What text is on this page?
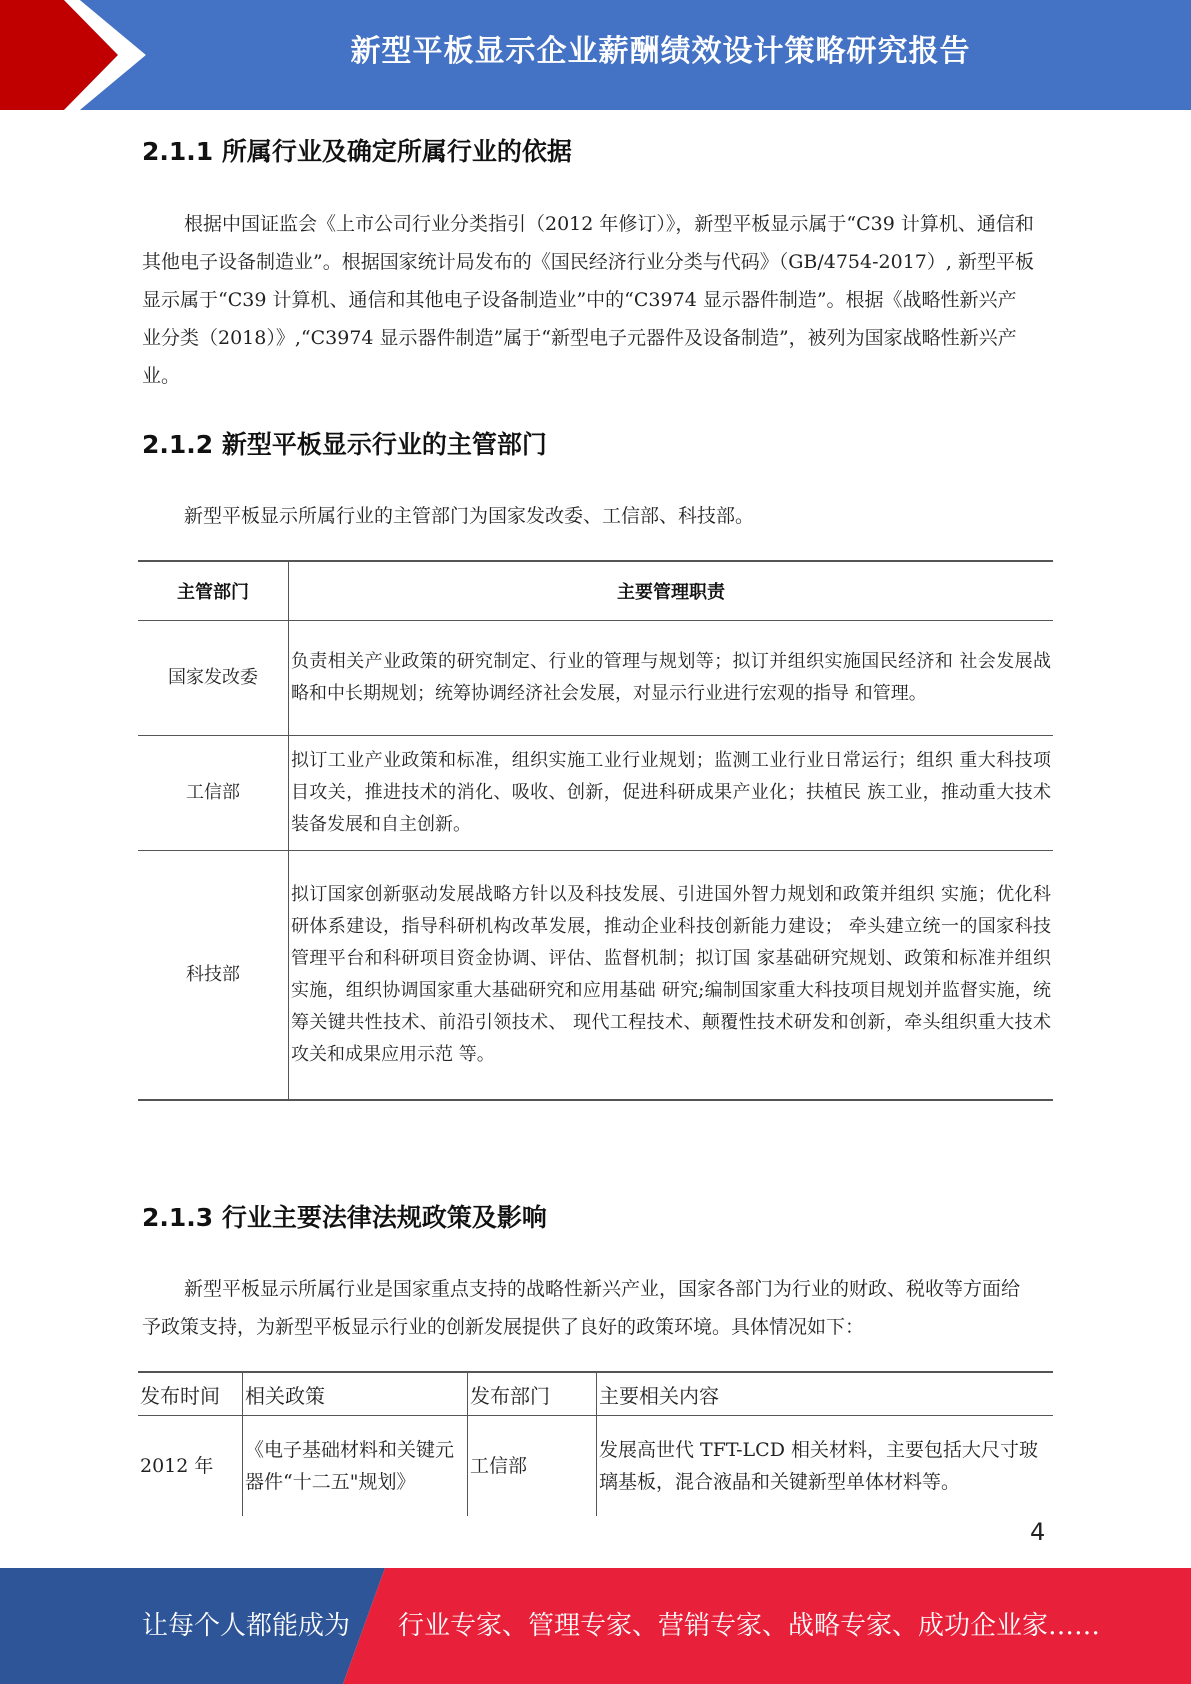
新型平板显示企业薪酬绩效设计策略研究报告
2.1.1 所属行业及确定所属行业的依据

根据中国证监会《上市公司行业分类指引（2012 年修订）》，新型平板显示属于“C39 计算机、通信和其他电子设备制造业”。根据国家统计局发布的《国民经济行业分类与代码》（GB/4754-2017）, 新型平板显示属于“C39 计算机、通信和其他电子设备制造业”中的“C3974 显示器件制造”。根据《战略性新兴产业分类（2018）》,“C3974 显示器件制造”属于“新型电子元器件及设备制造”，被列为国家战略性新兴产业。

2.1.2 新型平板显示行业的主管部门

新型平板显示所属行业的主管部门为国家发改委、工信部、科技部。

主管部门	主要管理职责
国家发改委	负责相关产业政策的研究制定、行业的管理与规划等；拟订并组织实施国民经济和 社会发展战略和中长期规划；统筹协调经济社会发展，对显示行业进行宏观的指导 和管理。
工信部	拟订工业产业政策和标准，组织实施工业行业规划；监测工业行业日常运行；组织 重大科技项目攻关，推进技术的消化、吸收、创新，促进科研成果产业化；扶植民 族工业，推动重大技术装备发展和自主创新。
科技部	拟订国家创新驱动发展战略方针以及科技发展、引进国外智力规划和政策并组织 实施；优化科研体系建设，指导科研机构改革发展，推动企业科技创新能力建设； 牵头建立统一的国家科技管理平台和科研项目资金协调、评估、监督机制；拟订国 家基础研究规划、政策和标准并组织实施，组织协调国家重大基础研究和应用基础 研究;编制国家重大科技项目规划并监督实施，统筹关键共性技术、前沿引领技术、 现代工程技术、颠覆性技术研发和创新，牵头组织重大技术攻关和成果应用示范 等。
2.1.3 行业主要法律法规政策及影响

新型平板显示所属行业是国家重点支持的战略性新兴产业，国家各部门为行业的财政、税收等方面给予政策支持，为新型平板显示行业的创新发展提供了良好的政策环境。具体情况如下：

发布时间	相关政策	发布部门	主要相关内容
2012 年	《电子基础材料和关键元器件“十二五"规划》	工信部	发展高世代 TFT-LCD 相关材料，主要包括大尺寸玻璃基板，混合液晶和关键新型单体材料等。
4
让每个人都能成为 行业专家、管理专家、营销专家、战略专家、成功企业家……
